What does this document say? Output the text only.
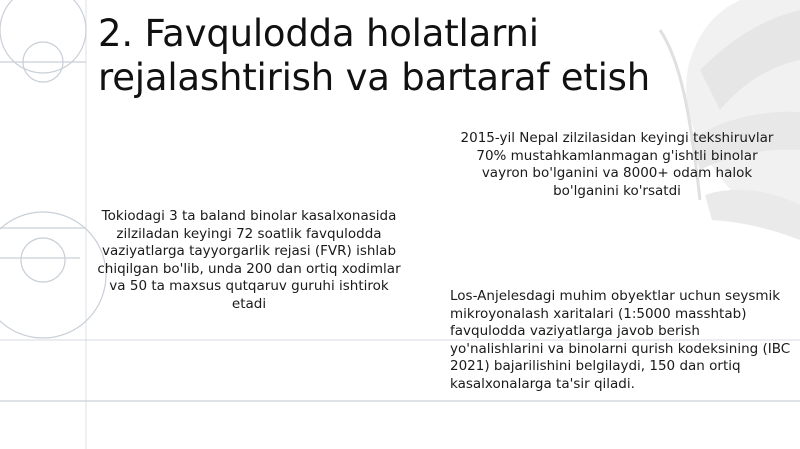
2. Favqulodda holatlarni
rejalashtirish va bartaraf etish

2015-yil Nepal zilzilasidan keyingi tekshiruvlar 70% mustahkamlanmagan g'ishtli binolar vayron bo'lganini va 8000+ odam halok bo'lganini ko'rsatdi

Tokiodagi 3 ta baland binolar kasalxonasida zilziladan keyingi 72 soatlik favqulodda vaziyatlarga tayyorgarlik rejasi (FVR) ishlab chiqilgan bo'lib, unda 200 dan ortiq xodimlar va 50 ta maxsus qutqaruv guruhi ishtirok etadi	Los-Anjelesdagi muhim obyektlar uchun seysmik mikroyonalash xaritalari (1:5000 masshtab) favqulodda vaziyatlarga javob berish yo'nalishlarini va binolarni qurish kodeksining (IBC 2021) bajarilishini belgilaydi, 150 dan ortiq kasalxonalarga ta'sir qiladi.
